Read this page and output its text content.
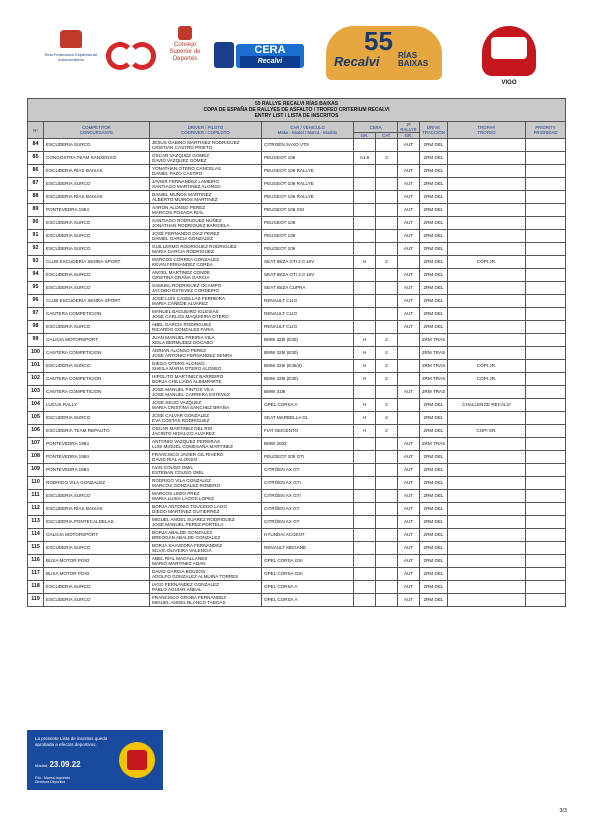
Real Federación Española de Automovilismo
Consejo Superior de Deportes
CERA
Recalvi
55
Recalvi RÍAS BAIXAS
VIGO
55 RALLYE RECALVI RÍAS BAIXAS
COPA DE ESPAÑA DE RALLYES DE ASFALTO / TROFEO CRITERIUM RECALVI
ENTRY LIST / LISTA DE INSCRITOS									

Nº	COMPETITOR
CONCURSANTE	DRIVER / PILOTO
CODRIVER / COPILOTO	CAR / VEHICULO
Make - Model / Marca - Modelo	CERA		2ª RALLYE	DRIVE
TRACCIÓN	TROPHY
TROFEO	PRIORITY
PRIORIDAD
				GR.	CAT.	GR.			
84	ESCUDERIA SURCO	JESUS GABINO MARTINEZ RODRIGUEZ
CRISTIAN CASTRO PRIETO	CITROËN SAXO VTS			AUT	2RM DEL		
85	CONGOSTRA TEAM SANXENXO	OSCAR VAZQUEZ GOMEZ
DAVID VAZQUEZ GOMEZ	PEUGEOT 106	A1.6	3		2RM DEL		
86	ESCUDERIA RÍAS BAIXAS	YONATHAN OTERO CANCELAS
DANIEL PAZO CASTRO	PEUGEOT 106 RALLYE			AUT	2RM DEL		
87	ESCUDERIA SURCO	JAVIER FERNANDEZ LAMEIRO
SANTIAGO MARTINEZ ALONSO	PEUGEOT 106 RALLYE			AUT	2RM DEL		
88	ESCUDERIA RÍAS BAIXAS	DANIEL MUÑOS MARTINEZ
ALBERTO MUINOS MARTINEZ	PEUGEOT 106 RALLYE			AUT	2RM DEL		
89	PONTEVEDRA 1984	AARON ALONSO PEREZ
MARCOS POSADA RIAL	PEUGEOT 106 XSI			AUT	2RM DEL		
90	ESCUDERIA SURCO	SANTIAGO RODRIGUEZ NUÑEZ
JONATHAN RODRIGUEZ BARGIELA	PEUGEOT 106			AUT	2RM DEL		
91	ESCUDERIA SURCO	JOSE FERNANDO DIAZ PEREZ
DANIEL GARCIA GONZALEZ	PEUGEOT 106			AUT	2RM DEL		
92	ESCUDERIA SURCO	GUILLERMO RODRIGUEZ RODRIGUEZ
MARIA GARCIA RODRIGUEZ	PEUGEOT 106			AUT	2RM DEL		
93	CLUB ESCUDERÍA SENRA-SPORT	MARCOS CORREA GONZALEZ
KEVIN FERNANDEZ COREA	SEAT IBIZA GTI 2.0 16V	H	2		2RM DEL	COPI JR.	
94	ESCUDERIA SURCO	ANGEL MARTINEZ CONDE
CRISTINA GRAÑA GARCÍA	SEAT IBIZA GTI 2.0 16V			AUT	2RM DEL		
95	ESCUDERIA SURCO	SAMUEL RODRIGUEZ OCAMPO
JACOBO ESTEVEZ CORDEIRO	SEAT IBIZA CUPRA			AUT	2RM DEL		
96	CLUB ESCUDERÍA SENRA-SPORT	JOSE LUIS CASELLAS FERREIRA
MARIA CAÑEDE ALVAREZ	RENAULT CLIO			AUT	2RM DEL		
97	CANTERA COMPETICION	MANUEL BAGUEIRO IGLESIAS
JOSÉ CARLOS MAQUIEIRA OTERO	RENAULT CLIO			AUT	2RM DEL		
98	ESCUDERIA SURCO	ABEL GARCIA RODRIGUEZ
RICARDO GONZALEZ FARIA	RENAULT CLIO			AUT	2RM DEL		
99	GALICIA MOTORSPORT	JUAN MANUEL FREIRIA VILA
XEILA BERMUDEZ DOCABO	BMW 325I (E30)	H	2		2RM TRAS		
100	CANTERA COMPETICION	ADRIAN ALONSO PEREZ
JOSE ANTONIO FERNANDEZ SENRA	BMW 325I (E30)	H	2		2RM TRAS		
101	ESCUDERIA SURCO	DIEGO OTERO ALONSO
SHEILA MARIA OTERO ALONSO	BMW 325I (E36/2)	H	2		2RM TRAS	COPI JR.	
102	CANTERA COMPETICION	HIPOLITO MARTINEZ BARREIRO
BORJA CHILLIADA ALBIMPARTE	BMW 325I (E30)	H	2		2RM TRAS	COPI JR.	
103	CANTERA COMPETICION	JOSE MANUEL PINTOS VILA
JOSE MANUEL CARRERA ESTEVEZ	BMW 318I			AUT	2RM TRAS		
104	LUCUS RALLY	JOSE SEIJO VAZQUEZ
MARIA CRISTINA SANCHEZ BRAÑA	OPEL CORSA A	H	2		2RM DEL	CHALLENGE RECALVI	
105	ESCUDERIA SURCO	JOSE CALVAR GONZALEZ
EVA COSTAS RODRIGUEZ	SEAT MARBELLA GL	H	2		2RM DEL		
106	ESCUDERIA TEAM REPAUTO	OSCAR MARTINEZ DEL RIO
JACINTO HIDALGO ALVAREZ	FIAT SEICENTO	H	2		2RM DEL	COPI SR.	
107	PONTEVEDRA 1984	ANTONIO VAZQUEZ PEREIRAS
LUIS MIGUEL COMESAÑA MARTINEZ	BMW 2002			AUT	2RM TRAS		
108	PONTEVEDRA 1984	FRANCISCO JAVIER GIL RIVERO
DAVID RIAL ALONSO	PEUGEOT 205 GTI			AUT	2RM DEL		
109	PONTEVEDRA 1984	IVAN COUSO OMIL
ESTEBAN COUSO OMIL	CITRÖEN AX GT			AUT	2RM DEL		
110	RODRIGO VILA GONZALEZ	RODRIGO VILA GONZALEZ
MARCOS GONZALEZ ROMERO	CITRÖEN AX GTI			AUT	2RM DEL		
111	ESCUDERIA SURCO	MARCOS LEDO PREZ
MARIA LUISA LAGOS LOPEZ	CITRÖEN AX GTI			AUT	2RM DEL		
112	ESCUDERIA RÍAS BAIXAS	BORJA ANTONIO TOUCEDO LAGO
DIEGO MARTINEZ GUTIERREZ	CITRÖEN AX GT			AUT	2RM DEL		
113	ESCUDERIA PONTECALDELAS	MIGUEL ANGEL SUAREZ RODRIGUEZ
JOSE MANUEL PEREZ PORTELA	CITRÖEN AX GT			AUT	2RM DEL		
114	GALICIA MOTORSPORT	BORJA ABALDE GONZALEZ
BREOGAN ABALDE GONZALEZ	HYUNDAI ACCENT			AUT	2RM DEL		
115	ESCUDERIA SURCO	BORJA SAAVEDRA FERNANDEZ
SILVIA OLIVEIRA VALENCIA	RENAULT MEGANE			AUT	2RM DEL		
116	BUXA MOTOR POIO	ABEL RIAL MAGALLANES
MARIO MARTINEZ ADAN	OPEL CORSA GSI			AUT	2RM DEL		
117	BUXA MOTOR POIO	DAVID GARCIA BOUZOS
ADOLFO GONZALEZ ALMUIÑA TORRES	OPEL CORSA GSI			AUT	2RM DEL		
118	ESCUDERIA SURCO	IAGO FERNANDEZ GONZALEZ
PABLO AGUIAR AÑEAL	OPEL CORSA A			AUT	2RM DEL		
119	ESCUDERIA SURCO	FRANCISCO GROBA FERNANDEZ
MIGUEL ANGEL BLANCO TABOAS	OPEL CORSA A			AUT	2RM DEL		
La presente Lista de inscritos queda aprobada a efectos deportivos.
Madrid, 23.09.22
Fdo.: Marina Izquierdo
Directora Deportiva
3/3
